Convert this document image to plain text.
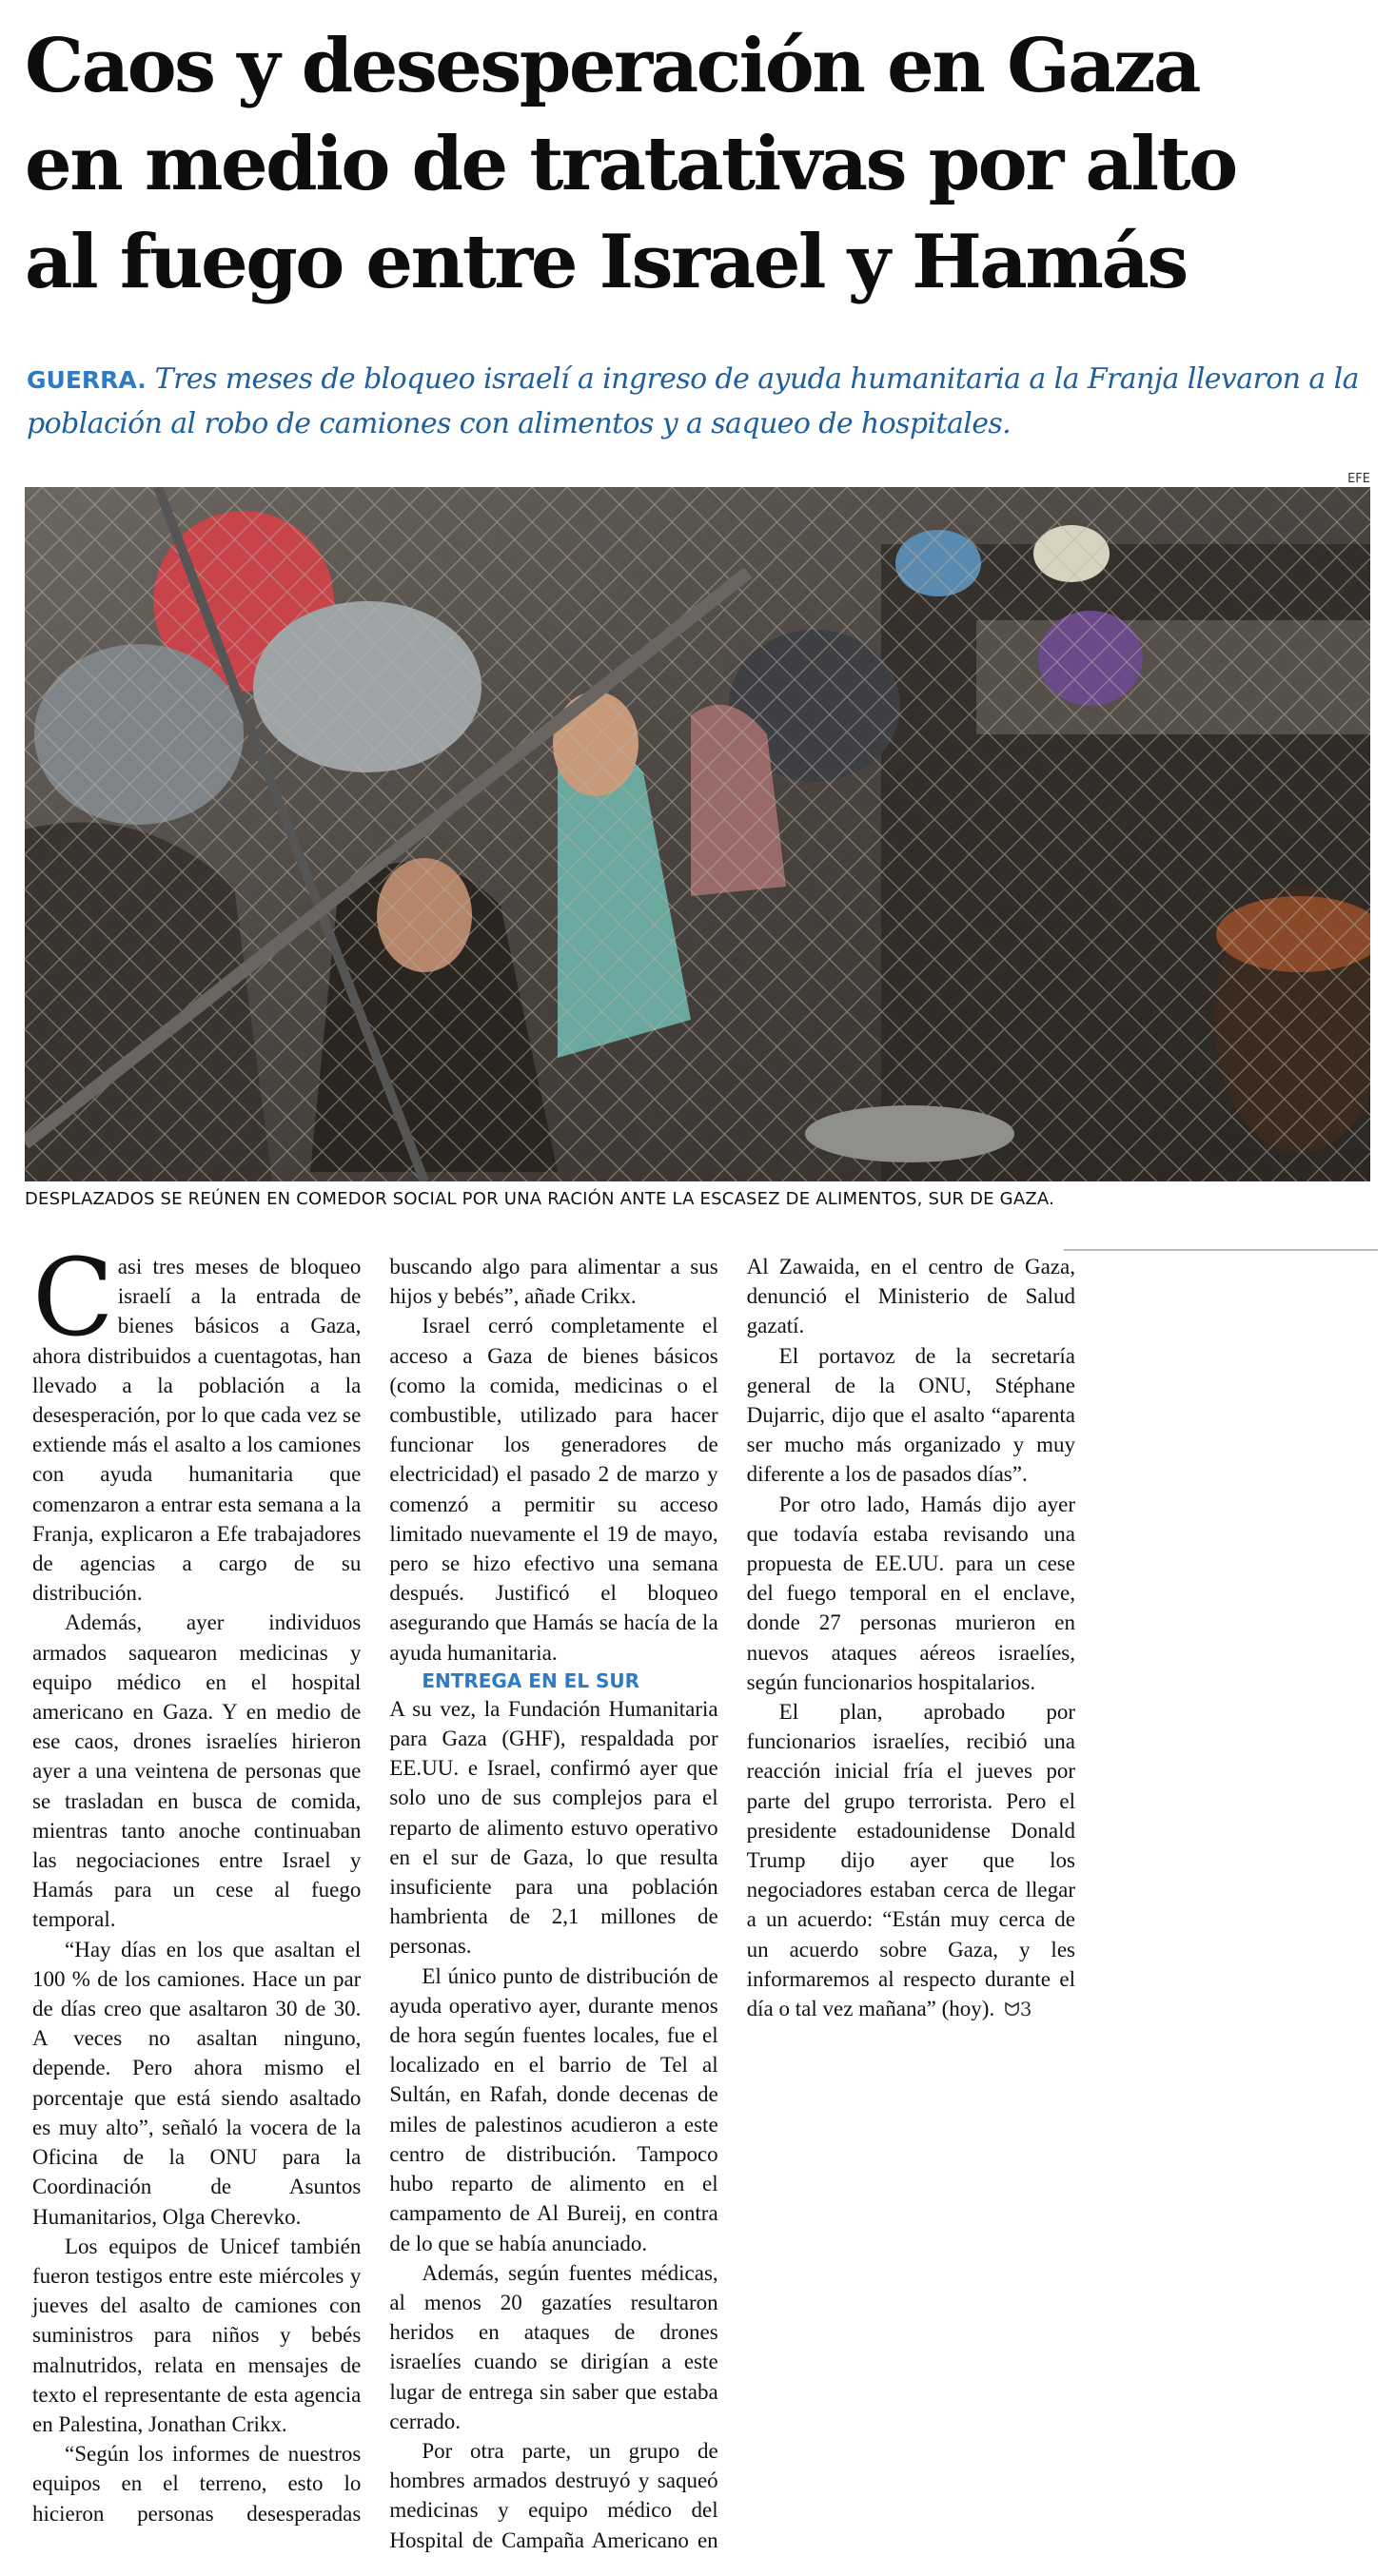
Caos y desesperación en Gaza
en medio de tratativas por alto
al fuego entre Israel y Hamás
GUERRA. Tres meses de bloqueo israelí a ingreso de ayuda humanitaria a la Franja llevaron a la población al robo de camiones con alimentos y a saqueo de hospitales.
EFE
DESPLAZADOS SE REÚNEN EN COMEDOR SOCIAL POR UNA RACIÓN ANTE LA ESCASEZ DE ALIMENTOS, SUR DE GAZA.

Casi tres meses de bloqueo israelí a la entrada de bienes básicos a Gaza, ahora distribuidos a cuentagotas, han llevado a la población a la desesperación, por lo que cada vez se extiende más el asalto a los camiones con ayuda humanitaria que comenzaron a entrar esta semana a la Franja, explicaron a Efe trabajadores de agencias a cargo de su distribución.

Además, ayer individuos armados saquearon medicinas y equipo médico en el hospital americano en Gaza. Y en medio de ese caos, drones israelíes hirieron ayer a una veintena de personas que se trasladan en busca de comida, mientras tanto anoche continuaban las negociaciones entre Israel y Hamás para un cese al fuego temporal.

“Hay días en los que asaltan el 100 % de los camiones. Hace un par de días creo que asaltaron 30 de 30. A veces no asaltan ninguno, depende. Pero ahora mismo el porcentaje que está siendo asaltado es muy alto”, señaló la vocera de la Oficina de la ONU para la Coordinación de Asuntos Humanitarios, Olga Cherevko.

Los equipos de Unicef también fueron testigos entre este miércoles y jueves del asalto de camiones con suministros para niños y bebés malnutridos, relata en mensajes de texto el representante de esta agencia en Palestina, Jonathan Crikx.

“Según los informes de nuestros equipos en el terreno, esto lo hicieron personas desesperadas buscando algo para alimentar a sus hijos y bebés”, añade Crikx.

Israel cerró completamente el acceso a Gaza de bienes básicos (como la comida, medicinas o el combustible, utilizado para hacer funcionar los generadores de electricidad) el pasado 2 de marzo y comenzó a permitir su acceso limitado nuevamente el 19 de mayo, pero se hizo efectivo una semana después. Justificó el bloqueo asegurando que Hamás se hacía de la ayuda humanitaria.

ENTREGA EN EL SUR

A su vez, la Fundación Humanitaria para Gaza (GHF), respaldada por EE.UU. e Israel, confirmó ayer que solo uno de sus complejos para el reparto de alimento estuvo operativo en el sur de Gaza, lo que resulta insuficiente para una población hambrienta de 2,1 millones de personas.

El único punto de distribución de ayuda operativo ayer, durante menos de hora según fuentes locales, fue el localizado en el barrio de Tel al Sultán, en Rafah, donde decenas de miles de palestinos acudieron a este centro de distribución. Tampoco hubo reparto de alimento en el campamento de Al Bureij, en contra de lo que se había anunciado.

Además, según fuentes médicas, al menos 20 gazatíes resultaron heridos en ataques de drones israelíes cuando se dirigían a este lugar de entrega sin saber que estaba cerrado.

Por otra parte, un grupo de hombres armados destruyó y saqueó medicinas y equipo médico del Hospital de Campaña Americano en Al Zawaida, en el centro de Gaza, denunció el Ministerio de Salud gazatí.

El portavoz de la secretaría general de la ONU, Stéphane Dujarric, dijo que el asalto “aparenta ser mucho más organizado y muy diferente a los de pasados días”.

Por otro lado, Hamás dijo ayer que todavía estaba revisando una propuesta de EE.UU. para un cese del fuego temporal en el enclave, donde 27 personas murieron en nuevos ataques aéreos israelíes, según funcionarios hospitalarios.

El plan, aprobado por funcionarios israelíes, recibió una reacción inicial fría el jueves por parte del grupo terrorista. Pero el presidente estadounidense Donald Trump dijo ayer que los negociadores estaban cerca de llegar a un acuerdo: “Están muy cerca de un acuerdo sobre Gaza, y les informaremos al respecto durante el día o tal vez mañana” (hoy). ᗢ3
